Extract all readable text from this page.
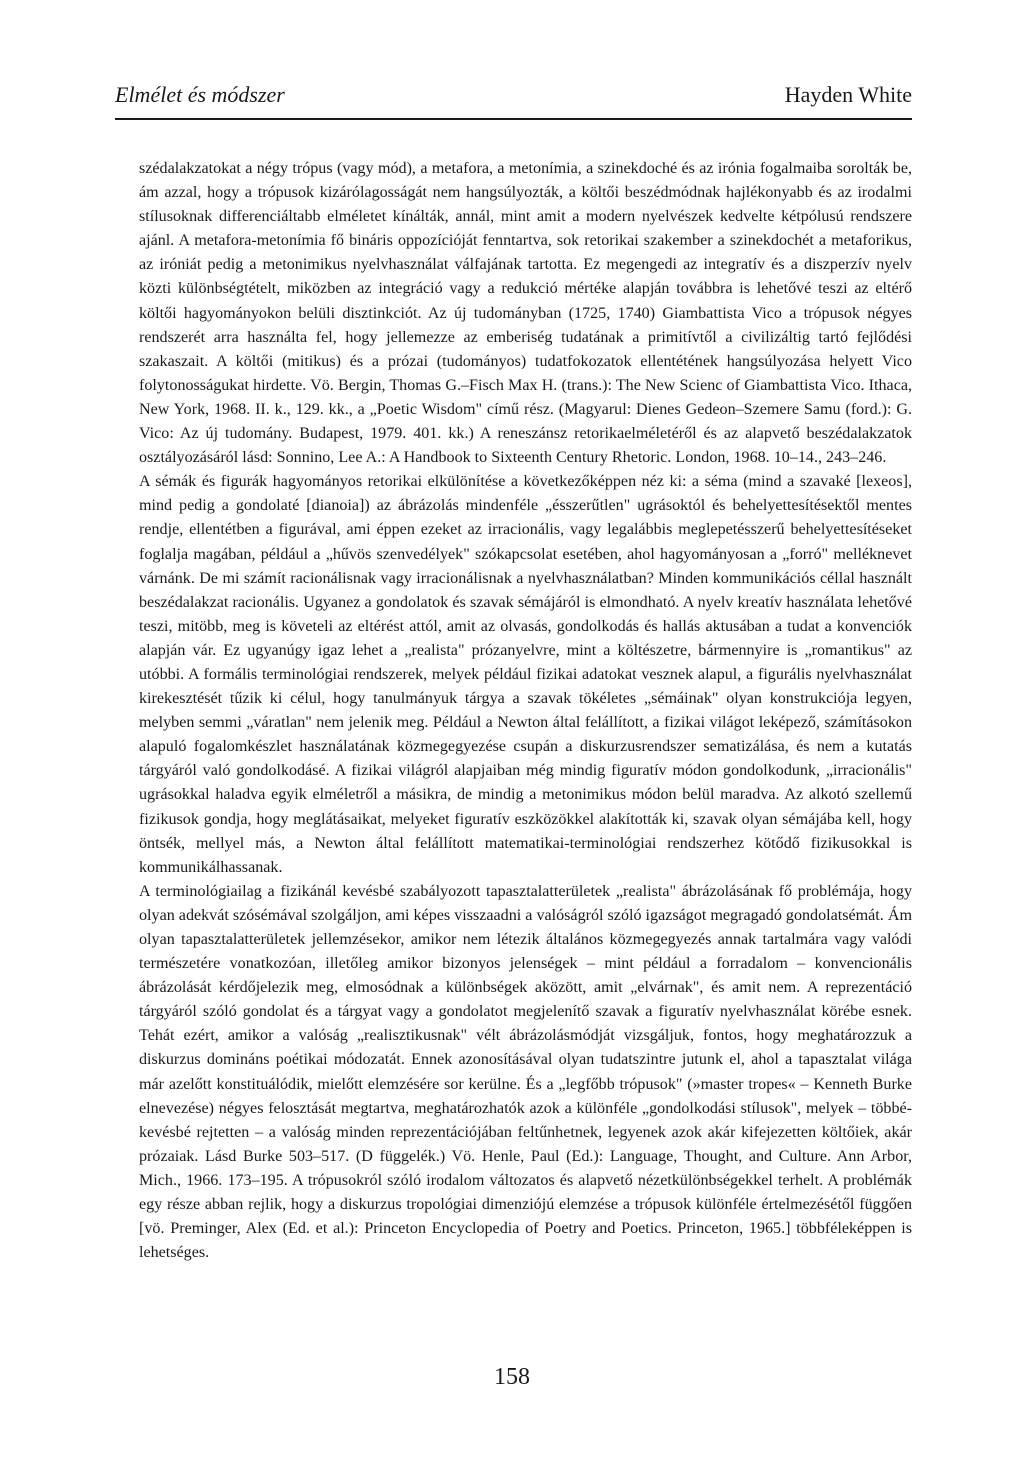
Elmélet és módszer	Hayden White

szédalakzatokat a négy trópus (vagy mód), a metafora, a metonímia, a szinekdoché és az irónia fogalmaiba sorolták be, ám azzal, hogy a trópusok kizárólagosságát nem hangsúlyozták, a költői beszédmódnak hajlékonyabb és az irodalmi stílusoknak differenciáltabb elméletet kínálták, annál, mint amit a modern nyelvészek kedvelte kétpólusú rendszere ajánl. A metafora-metonímia fő bináris oppozícióját fenntartva, sok retorikai szakember a szinekdochét a metaforikus, az iróniát pedig a metonimikus nyelvhasználat válfajának tartotta. Ez megengedi az integratív és a diszperzív nyelv közti különbségtételt, miközben az integráció vagy a redukció mértéke alapján továbbra is lehetővé teszi az eltérő költői hagyományokon belüli disztinkciót. Az új tudományban (1725, 1740) Giambattista Vico a trópusok négyes rendszerét arra használta fel, hogy jellemezze az emberiség tudatának a primitívtől a civilizáltig tartó fejlődési szakaszait. A költői (mitikus) és a prózai (tudományos) tudatfokozatok ellentétének hangsúlyozása helyett Vico folytonosságukat hirdette. Vö. Bergin, Thomas G.–Fisch Max H. (trans.): The New Scienc of Giambattista Vico. Ithaca, New York, 1968. II. k., 129. kk., a „Poetic Wisdom" című rész. (Magyarul: Dienes Gedeon–Szemere Samu (ford.): G. Vico: Az új tudomány. Budapest, 1979. 401. kk.) A reneszánsz retorikaelméletéről és az alapvető beszédalakzatok osztályozásáról lásd: Sonnino, Lee A.: A Handbook to Sixteenth Century Rhetoric. London, 1968. 10–14., 243–246.

A sémák és figurák hagyományos retorikai elkülönítése a következőképpen néz ki: a séma (mind a szavaké [lexeos], mind pedig a gondolaté [dianoia]) az ábrázolás mindenféle „ésszerűtlen" ugrásoktól és behelyettesítésektől mentes rendje, ellentétben a figurával, ami éppen ezeket az irracionális, vagy legalábbis meglepetésszerű behelyettesítéseket foglalja magában, például a „hűvös szenvedélyek" szókapcsolat esetében, ahol hagyományosan a „forró" melléknevet várnánk. De mi számít racionálisnak vagy irracionálisnak a nyelvhasználatban? Minden kommunikációs céllal használt beszédalakzat racionális. Ugyanez a gondolatok és szavak sémájáról is elmondható. A nyelv kreatív használata lehetővé teszi, mitöbb, meg is követeli az eltérést attól, amit az olvasás, gondolkodás és hallás aktusában a tudat a konvenciók alapján vár. Ez ugyanúgy igaz lehet a „realista" prózanyelvre, mint a költészetre, bármennyire is „romantikus" az utóbbi. A formális terminológiai rendszerek, melyek például fizikai adatokat vesznek alapul, a figurális nyelvhasználat kirekesztését tűzik ki célul, hogy tanulmányuk tárgya a szavak tökéletes „sémáinak" olyan konstrukciója legyen, melyben semmi „váratlan" nem jelenik meg. Például a Newton által felállított, a fizikai világot leképező, számításokon alapuló fogalomkészlet használatának közmegegyezése csupán a diskurzusrendszer sematizálása, és nem a kutatás tárgyáról való gondolkodásé. A fizikai világról alapjaiban még mindig figuratív módon gondolkodunk, „irracionális" ugrásokkal haladva egyik elméletről a másikra, de mindig a metonimikus módon belül maradva. Az alkotó szellemű fizikusok gondja, hogy meglátásaikat, melyeket figuratív eszközökkel alakították ki, szavak olyan sémájába kell, hogy öntsék, mellyel más, a Newton által felállított matematikai-terminológiai rendszerhez kötődő fizikusokkal is kommunikálhassanak.

A terminológiailag a fizikánál kevésbé szabályozott tapasztalatterületek „realista" ábrázolásának fő problémája, hogy olyan adekvát szósémával szolgáljon, ami képes visszaadni a valóságról szóló igazságot megragadó gondolatsémát. Ám olyan tapasztalatterületek jellemzésekor, amikor nem létezik általános közmegegyezés annak tartalmára vagy valódi természetére vonatkozóan, illetőleg amikor bizonyos jelenségek – mint például a forradalom – konvencionális ábrázolását kérdőjelezik meg, elmosódnak a különbségek aközött, amit „elvárnak", és amit nem. A reprezentáció tárgyáról szóló gondolat és a tárgyat vagy a gondolatot megjelenítő szavak a figuratív nyelvhasználat körébe esnek. Tehát ezért, amikor a valóság „realisztikusnak" vélt ábrázolásmódját vizsgáljuk, fontos, hogy meghatározzuk a diskurzus domináns poétikai módozatát. Ennek azonosításával olyan tudatszintre jutunk el, ahol a tapasztalat világa már azelőtt konstituálódik, mielőtt elemzésére sor kerülne. És a „legfőbb trópusok" (»master tropes« – Kenneth Burke elnevezése) négyes felosztását megtartva, meghatározhatók azok a különféle „gondolkodási stílusok", melyek – többé-kevésbé rejtetten – a valóság minden reprezentációjában feltűnhetnek, legyenek azok akár kifejezetten költőiek, akár prózaiak. Lásd Burke 503–517. (D függelék.) Vö. Henle, Paul (Ed.): Language, Thought, and Culture. Ann Arbor, Mich., 1966. 173–195. A trópusokról szóló irodalom változatos és alapvető nézetkülönbségekkel terhelt. A problémák egy része abban rejlik, hogy a diskurzus tropológiai dimenziójú elemzése a trópusok különféle értelmezésétől függően [vö. Preminger, Alex (Ed. et al.): Princeton Encyclopedia of Poetry and Poetics. Princeton, 1965.] többféleképpen is lehetséges.

158
